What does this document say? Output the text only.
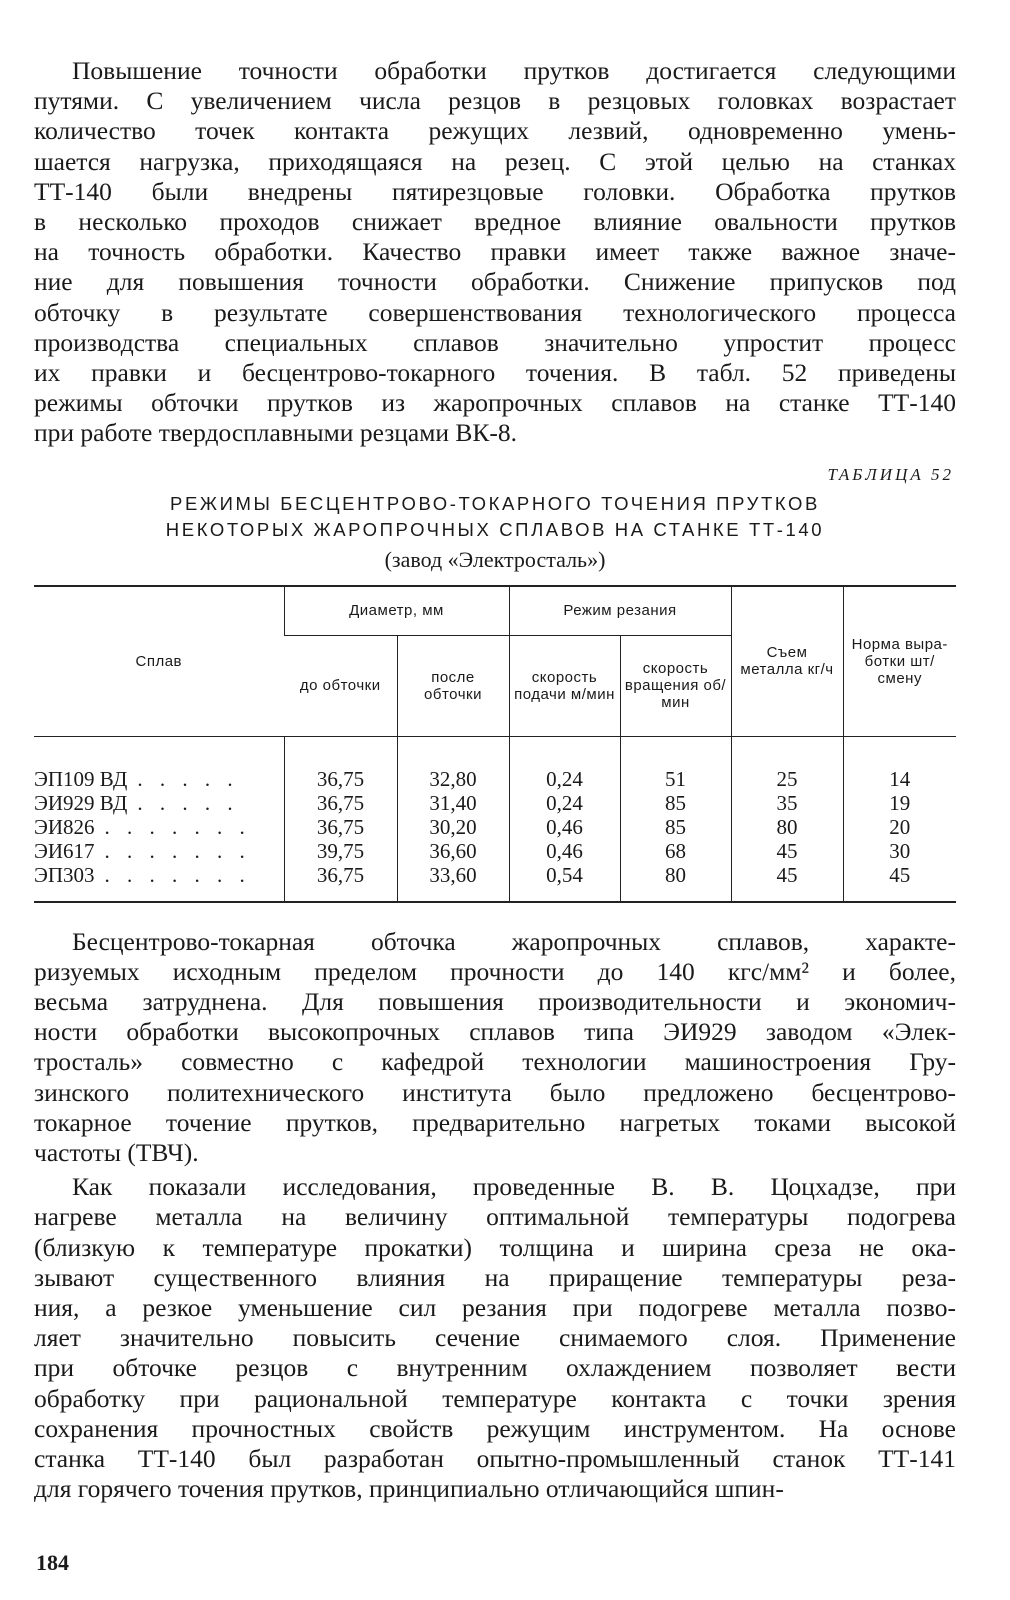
Повышение точности обработки прутков достигается следующими
путями. С увеличением числа резцов в резцовых головках возрастает
количество точек контакта режущих лезвий, одновременно умень-
шается нагрузка, приходящаяся на резец. С этой целью на станках
ТТ-140 были внедрены пятирезцовые головки. Обработка прутков
в несколько проходов снижает вредное влияние овальности прутков
на точность обработки. Качество правки имеет также важное значе-
ние для повышения точности обработки. Снижение припусков под
обточку в результате совершенствования технологического процесса
производства специальных сплавов значительно упростит процесс
их правки и бесцентрово-токарного точения. В табл. 52 приведены
режимы обточки прутков из жаропрочных сплавов на станке ТТ-140
при работе твердосплавными резцами ВК-8.
ТАБЛИЦА 52
РЕЖИМЫ БЕСЦЕНТРОВО-ТОКАРНОГО ТОЧЕНИЯ ПРУТКОВ
НЕКОТОРЫХ ЖАРОПРОЧНЫХ СПЛАВОВ НА СТАНКЕ ТТ-140
(завод «Электросталь»)
Сплав	Диаметр, мм		Режим резания		Съем металла кг/ч	Норма выра-ботки шт/смену
	до обточки	после обточки	скорость подачи м/мин	скорость вращения об/мин		

ЭП109 ВД . . . . .	36,75	32,80	0,24	51	25	14
ЭИ929 ВД . . . . .	36,75	31,40	0,24	85	35	19
ЭИ826 . . . . . . .	36,75	30,20	0,46	85	80	20
ЭИ617 . . . . . . .	39,75	36,60	0,46	68	45	30
ЭП303 . . . . . . .	36,75	33,60	0,54	80	45	45
Бесцентрово-токарная обточка жаропрочных сплавов, характе-
ризуемых исходным пределом прочности до 140 кгс/мм² и более,
весьма затруднена. Для повышения производительности и экономич-
ности обработки высокопрочных сплавов типа ЭИ929 заводом «Элек-
тросталь» совместно с кафедрой технологии машиностроения Гру-
зинского политехнического института было предложено бесцентрово-
токарное точение прутков, предварительно нагретых токами высокой
частоты (ТВЧ).
Как показали исследования, проведенные В. В. Цоцхадзе, при
нагреве металла на величину оптимальной температуры подогрева
(близкую к температуре прокатки) толщина и ширина среза не ока-
зывают существенного влияния на приращение температуры реза-
ния, а резкое уменьшение сил резания при подогреве металла позво-
ляет значительно повысить сечение снимаемого слоя. Применение
при обточке резцов с внутренним охлаждением позволяет вести
обработку при рациональной температуре контакта с точки зрения
сохранения прочностных свойств режущим инструментом. На основе
станка ТТ-140 был разработан опытно-промышленный станок ТТ-141
для горячего точения прутков, принципиально отличающийся шпин-
184
